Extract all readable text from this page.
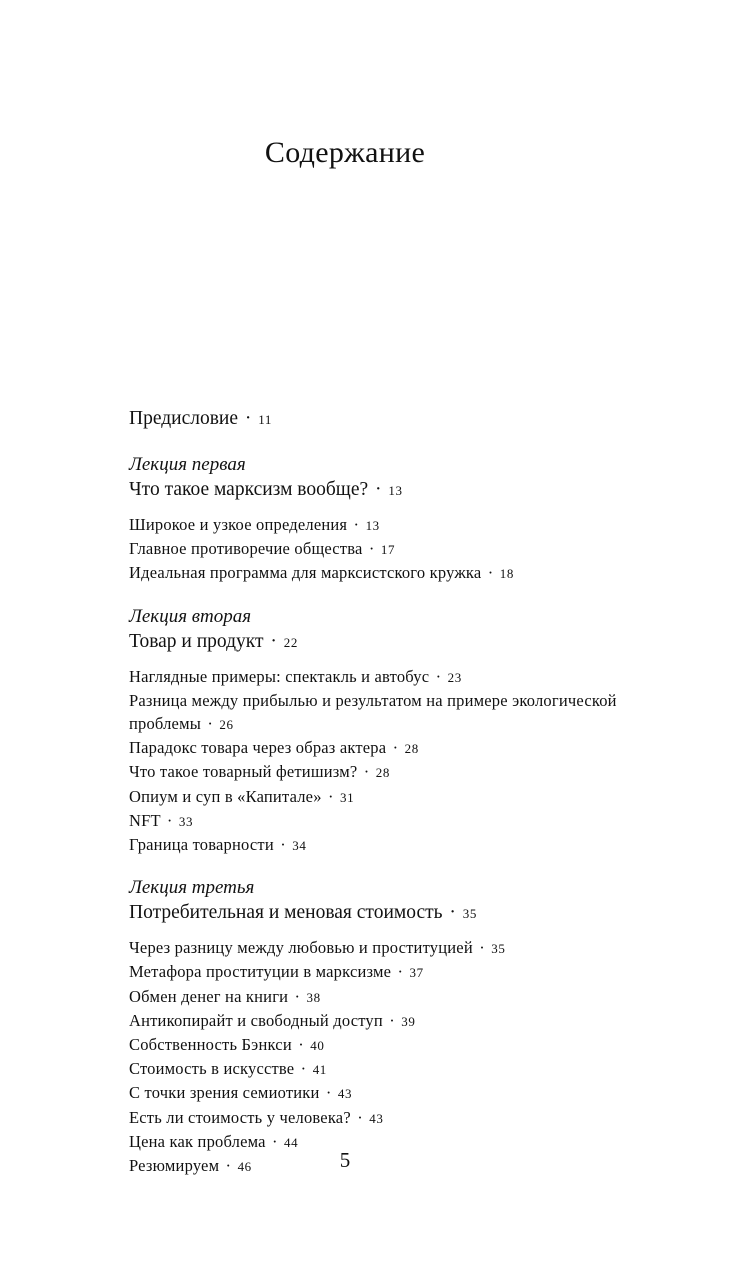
Содержание
Предисловие · 11
Лекция первая
Что такое марксизм вообще? · 13
Широкое и узкое определения · 13
Главное противоречие общества · 17
Идеальная программа для марксистского кружка · 18
Лекция вторая
Товар и продукт · 22
Наглядные примеры: спектакль и автобус · 23
Разница между прибылью и результатом на примере экологической проблемы · 26
Парадокс товара через образ актера · 28
Что такое товарный фетишизм? · 28
Опиум и суп в «Капитале» · 31
NFT · 33
Граница товарности · 34
Лекция третья
Потребительная и меновая стоимость · 35
Через разницу между любовью и проституцией · 35
Метафора проституции в марксизме · 37
Обмен денег на книги · 38
Антикопирайт и свободный доступ · 39
Собственность Бэнкси · 40
Стоимость в искусстве · 41
С точки зрения семиотики · 43
Есть ли стоимость у человека? · 43
Цена как проблема · 44
Резюмируем · 46	5
